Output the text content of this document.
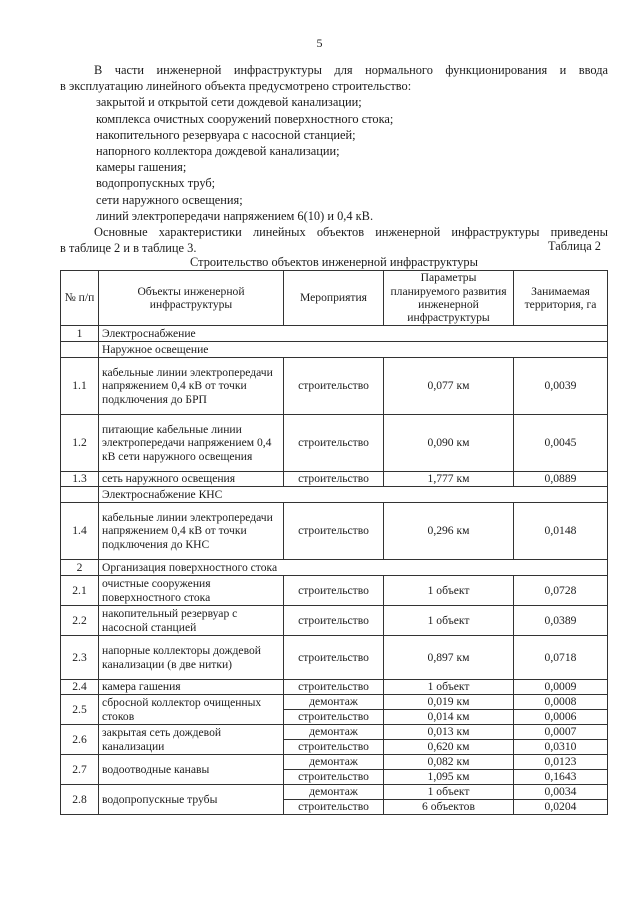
5

В части инженерной инфраструктуры для нормального функционирования и ввода

в эксплуатацию линейного объекта предусмотрено строительство:

закрытой и открытой сети дождевой канализации;

комплекса очистных сооружений поверхностного стока;

накопительного резервуара с насосной станцией;

напорного коллектора дождевой канализации;

камеры гашения;

водопропускных труб;

сети наружного освещения;

линий электропередачи напряжением 6(10) и 0,4 кВ.

Основные характеристики линейных объектов инженерной инфраструктуры приведены

в таблице 2 и в таблице 3.	Таблица 2
Строительство объектов инженерной инфраструктуры
№ п/п	Объекты инженерной инфраструктуры	Мероприятия	Параметры планируемого развития инженерной инфраструктуры	Занимаемая территория, га
1	Электроснабжение			
	Наружное освещение			
1.1	кабельные линии электропередачи напряжением 0,4 кВ от точки подключения до БРП	строительство	0,077 км	0,0039
1.2	питающие кабельные линии электропередачи напряжением 0,4 кВ сети наружного освещения	строительство	0,090 км	0,0045
1.3	сеть наружного освещения	строительство	1,777 км	0,0889
	Электроснабжение КНС			
1.4	кабельные линии электропередачи напряжением 0,4 кВ от точки подключения до КНС	строительство	0,296 км	0,0148
2	Организация поверхностного стока			
2.1	очистные сооружения поверхностного стока	строительство	1 объект	0,0728
2.2	накопительный резервуар с насосной станцией	строительство	1 объект	0,0389
2.3	напорные коллекторы дождевой канализации (в две нитки)	строительство	0,897 км	0,0718
2.4	камера гашения	строительство	1 объект	0,0009
2.5	сбросной коллектор очищенных стоков	демонтаж	0,019 км	0,0008
		строительство	0,014 км	0,0006
2.6	закрытая сеть дождевой канализации	демонтаж	0,013 км	0,0007
		строительство	0,620 км	0,0310
2.7	водоотводные канавы	демонтаж	0,082 км	0,0123
		строительство	1,095 км	0,1643
2.8	водопропускные трубы	демонтаж	1 объект	0,0034
		строительство	6 объектов	0,0204
